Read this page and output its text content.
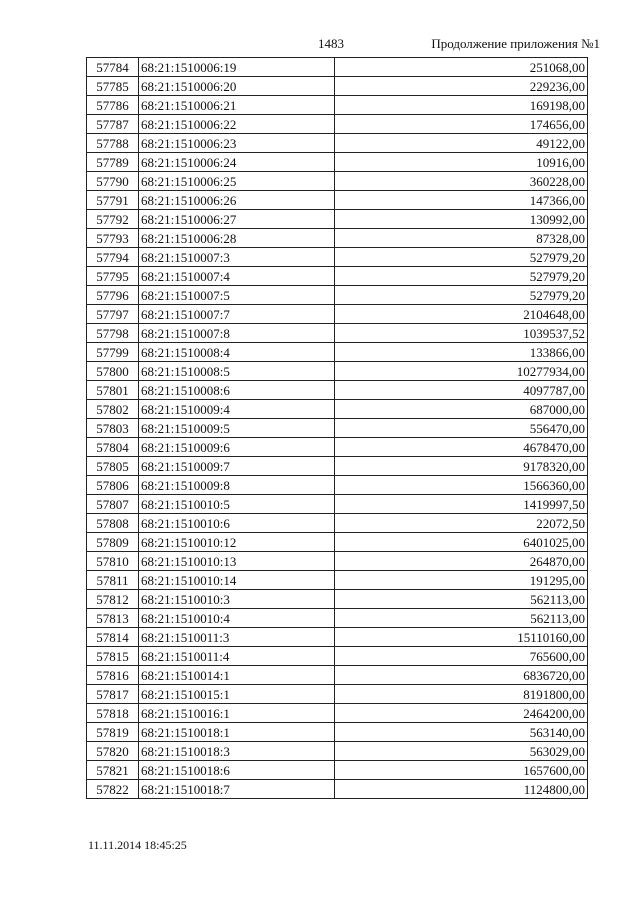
1483	Продолжение приложения №1
57784	68:21:1510006:19	251068,00
57785	68:21:1510006:20	229236,00
57786	68:21:1510006:21	169198,00
57787	68:21:1510006:22	174656,00
57788	68:21:1510006:23	49122,00
57789	68:21:1510006:24	10916,00
57790	68:21:1510006:25	360228,00
57791	68:21:1510006:26	147366,00
57792	68:21:1510006:27	130992,00
57793	68:21:1510006:28	87328,00
57794	68:21:1510007:3	527979,20
57795	68:21:1510007:4	527979,20
57796	68:21:1510007:5	527979,20
57797	68:21:1510007:7	2104648,00
57798	68:21:1510007:8	1039537,52
57799	68:21:1510008:4	133866,00
57800	68:21:1510008:5	10277934,00
57801	68:21:1510008:6	4097787,00
57802	68:21:1510009:4	687000,00
57803	68:21:1510009:5	556470,00
57804	68:21:1510009:6	4678470,00
57805	68:21:1510009:7	9178320,00
57806	68:21:1510009:8	1566360,00
57807	68:21:1510010:5	1419997,50
57808	68:21:1510010:6	22072,50
57809	68:21:1510010:12	6401025,00
57810	68:21:1510010:13	264870,00
57811	68:21:1510010:14	191295,00
57812	68:21:1510010:3	562113,00
57813	68:21:1510010:4	562113,00
57814	68:21:1510011:3	15110160,00
57815	68:21:1510011:4	765600,00
57816	68:21:1510014:1	6836720,00
57817	68:21:1510015:1	8191800,00
57818	68:21:1510016:1	2464200,00
57819	68:21:1510018:1	563140,00
57820	68:21:1510018:3	563029,00
57821	68:21:1510018:6	1657600,00
57822	68:21:1510018:7	1124800,00
11.11.2014 18:45:25
